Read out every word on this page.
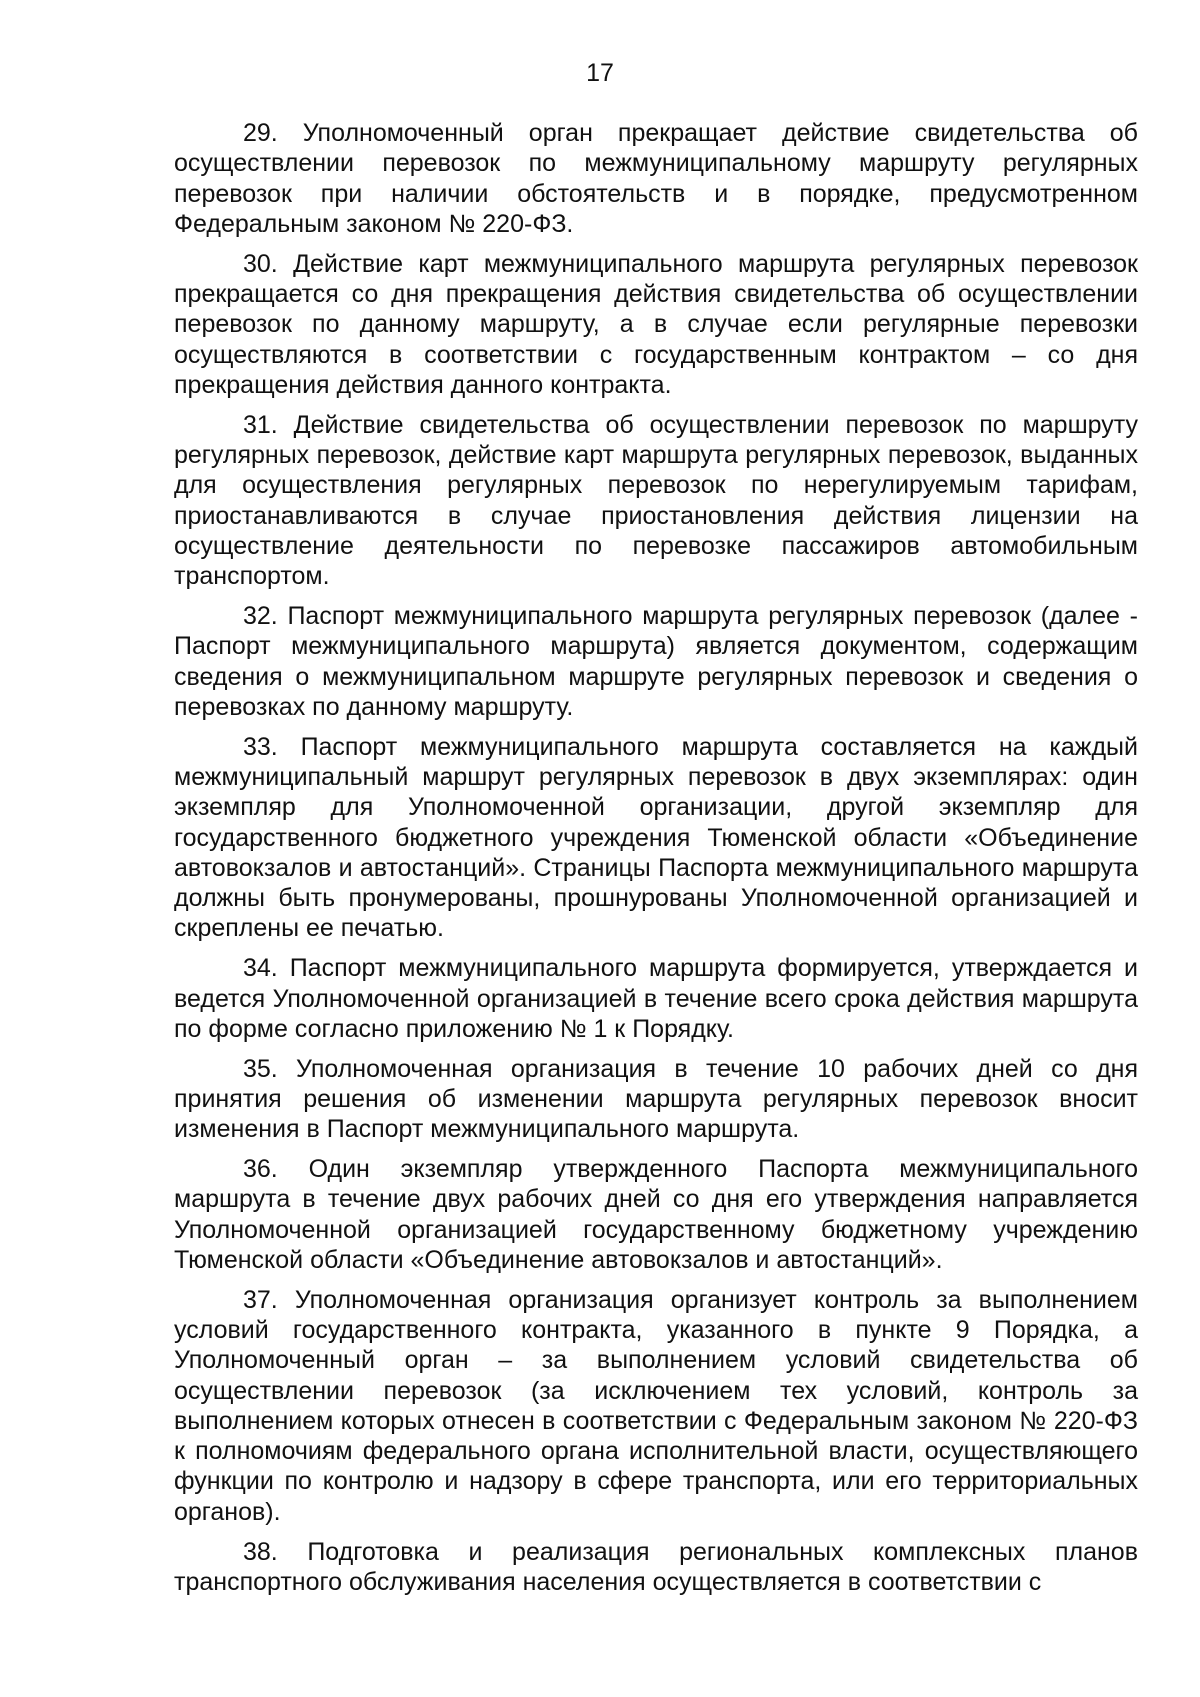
17

29. Уполномоченный орган прекращает действие свидетельства об осуществлении перевозок по межмуниципальному маршруту регулярных перевозок при наличии обстоятельств и в порядке, предусмотренном Федеральным законом № 220-ФЗ.

30. Действие карт межмуниципального маршрута регулярных перевозок прекращается со дня прекращения действия свидетельства об осуществлении перевозок по данному маршруту, а в случае если регулярные перевозки осуществляются в соответствии с государственным контрактом – со дня прекращения действия данного контракта.

31. Действие свидетельства об осуществлении перевозок по маршруту регулярных перевозок, действие карт маршрута регулярных перевозок, выданных для осуществления регулярных перевозок по нерегулируемым тарифам, приостанавливаются в случае приостановления действия лицензии на осуществление деятельности по перевозке пассажиров автомобильным транспортом.

32. Паспорт межмуниципального маршрута регулярных перевозок (далее - Паспорт межмуниципального маршрута) является документом, содержащим сведения о межмуниципальном маршруте регулярных перевозок и сведения о перевозках по данному маршруту.

33. Паспорт межмуниципального маршрута составляется на каждый межмуниципальный маршрут регулярных перевозок в двух экземплярах: один экземпляр для Уполномоченной организации, другой экземпляр для государственного бюджетного учреждения Тюменской области «Объединение автовокзалов и автостанций». Страницы Паспорта межмуниципального маршрута должны быть пронумерованы, прошнурованы Уполномоченной организацией и скреплены ее печатью.

34. Паспорт межмуниципального маршрута формируется, утверждается и ведется Уполномоченной организацией в течение всего срока действия маршрута по форме согласно приложению № 1 к Порядку.

35. Уполномоченная организация в течение 10 рабочих дней со дня принятия решения об изменении маршрута регулярных перевозок вносит изменения в Паспорт межмуниципального маршрута.

36. Один экземпляр утвержденного Паспорта межмуниципального маршрута в течение двух рабочих дней со дня его утверждения направляется Уполномоченной организацией государственному бюджетному учреждению Тюменской области «Объединение автовокзалов и автостанций».

37. Уполномоченная организация организует контроль за выполнением условий государственного контракта, указанного в пункте 9 Порядка, а Уполномоченный орган – за выполнением условий свидетельства об осуществлении перевозок (за исключением тех условий, контроль за выполнением которых отнесен в соответствии с Федеральным законом № 220-ФЗ к полномочиям федерального органа исполнительной власти, осуществляющего функции по контролю и надзору в сфере транспорта, или его территориальных органов).

38. Подготовка и реализация региональных комплексных планов транспортного обслуживания населения осуществляется в соответствии с
